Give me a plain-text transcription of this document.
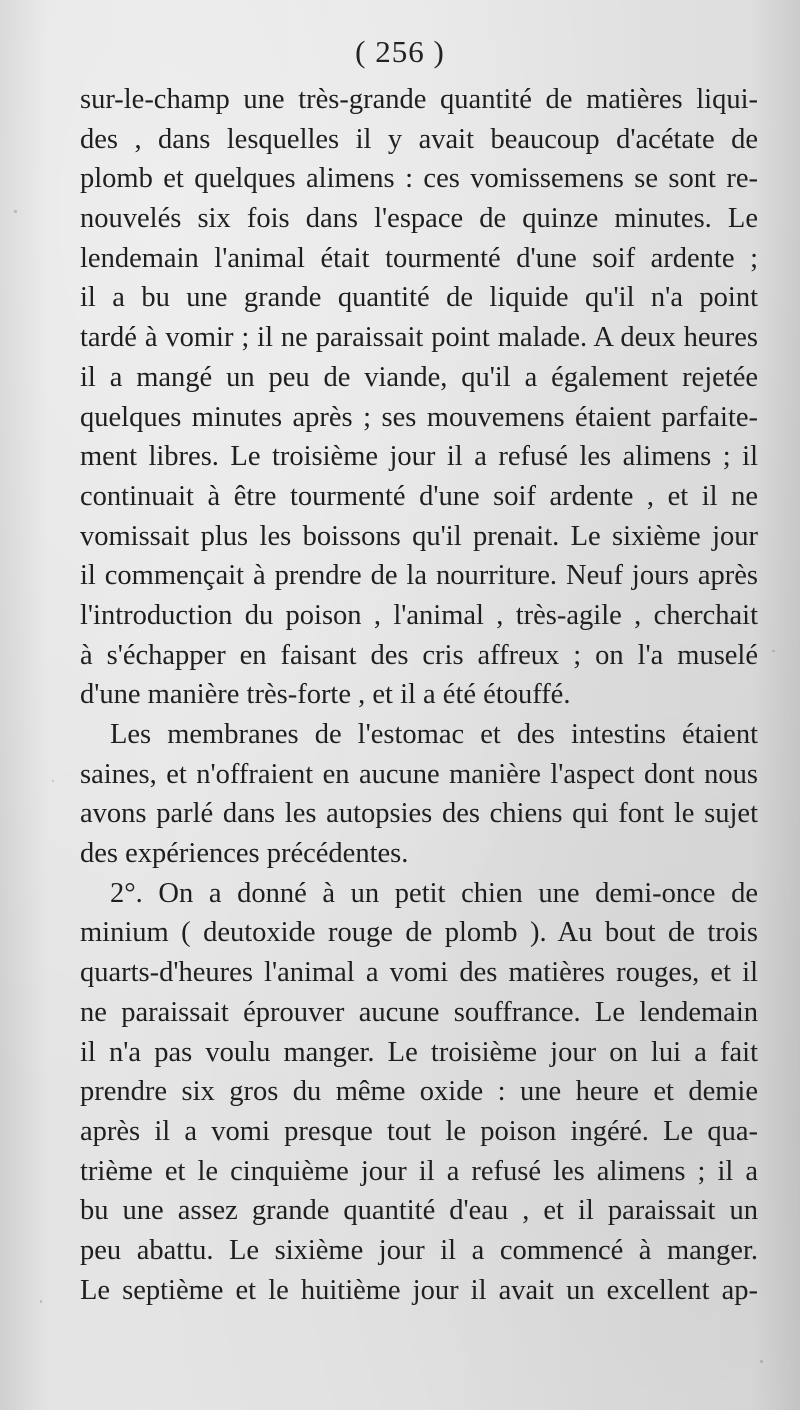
( 256 )
sur-le-champ une très-grande quantité de matières liqui-
des , dans lesquelles il y avait beaucoup d'acétate de
plomb et quelques alimens : ces vomissemens se sont re-
nouvelés six fois dans l'espace de quinze minutes. Le
lendemain l'animal était tourmenté d'une soif ardente ;
il a bu une grande quantité de liquide qu'il n'a point
tardé à vomir ; il ne paraissait point malade. A deux heures
il a mangé un peu de viande, qu'il a également rejetée
quelques minutes après ; ses mouvemens étaient parfaite-
ment libres. Le troisième jour il a refusé les alimens ; il
continuait à être tourmenté d'une soif ardente , et il ne
vomissait plus les boissons qu'il prenait. Le sixième jour
il commençait à prendre de la nourriture. Neuf jours après
l'introduction du poison , l'animal , très-agile , cherchait
à s'échapper en faisant des cris affreux ; on l'a muselé
d'une manière très-forte , et il a été étouffé.
Les membranes de l'estomac et des intestins étaient
saines, et n'offraient en aucune manière l'aspect dont nous
avons parlé dans les autopsies des chiens qui font le sujet
des expériences précédentes.
2°. On a donné à un petit chien une demi-once de
minium ( deutoxide rouge de plomb ). Au bout de trois
quarts-d'heures l'animal a vomi des matières rouges, et il
ne paraissait éprouver aucune souffrance. Le lendemain
il n'a pas voulu manger. Le troisième jour on lui a fait
prendre six gros du même oxide : une heure et demie
après il a vomi presque tout le poison ingéré. Le qua-
trième et le cinquième jour il a refusé les alimens ; il a
bu une assez grande quantité d'eau , et il paraissait un
peu abattu. Le sixième jour il a commencé à manger.
Le septième et le huitième jour il avait un excellent ap-
